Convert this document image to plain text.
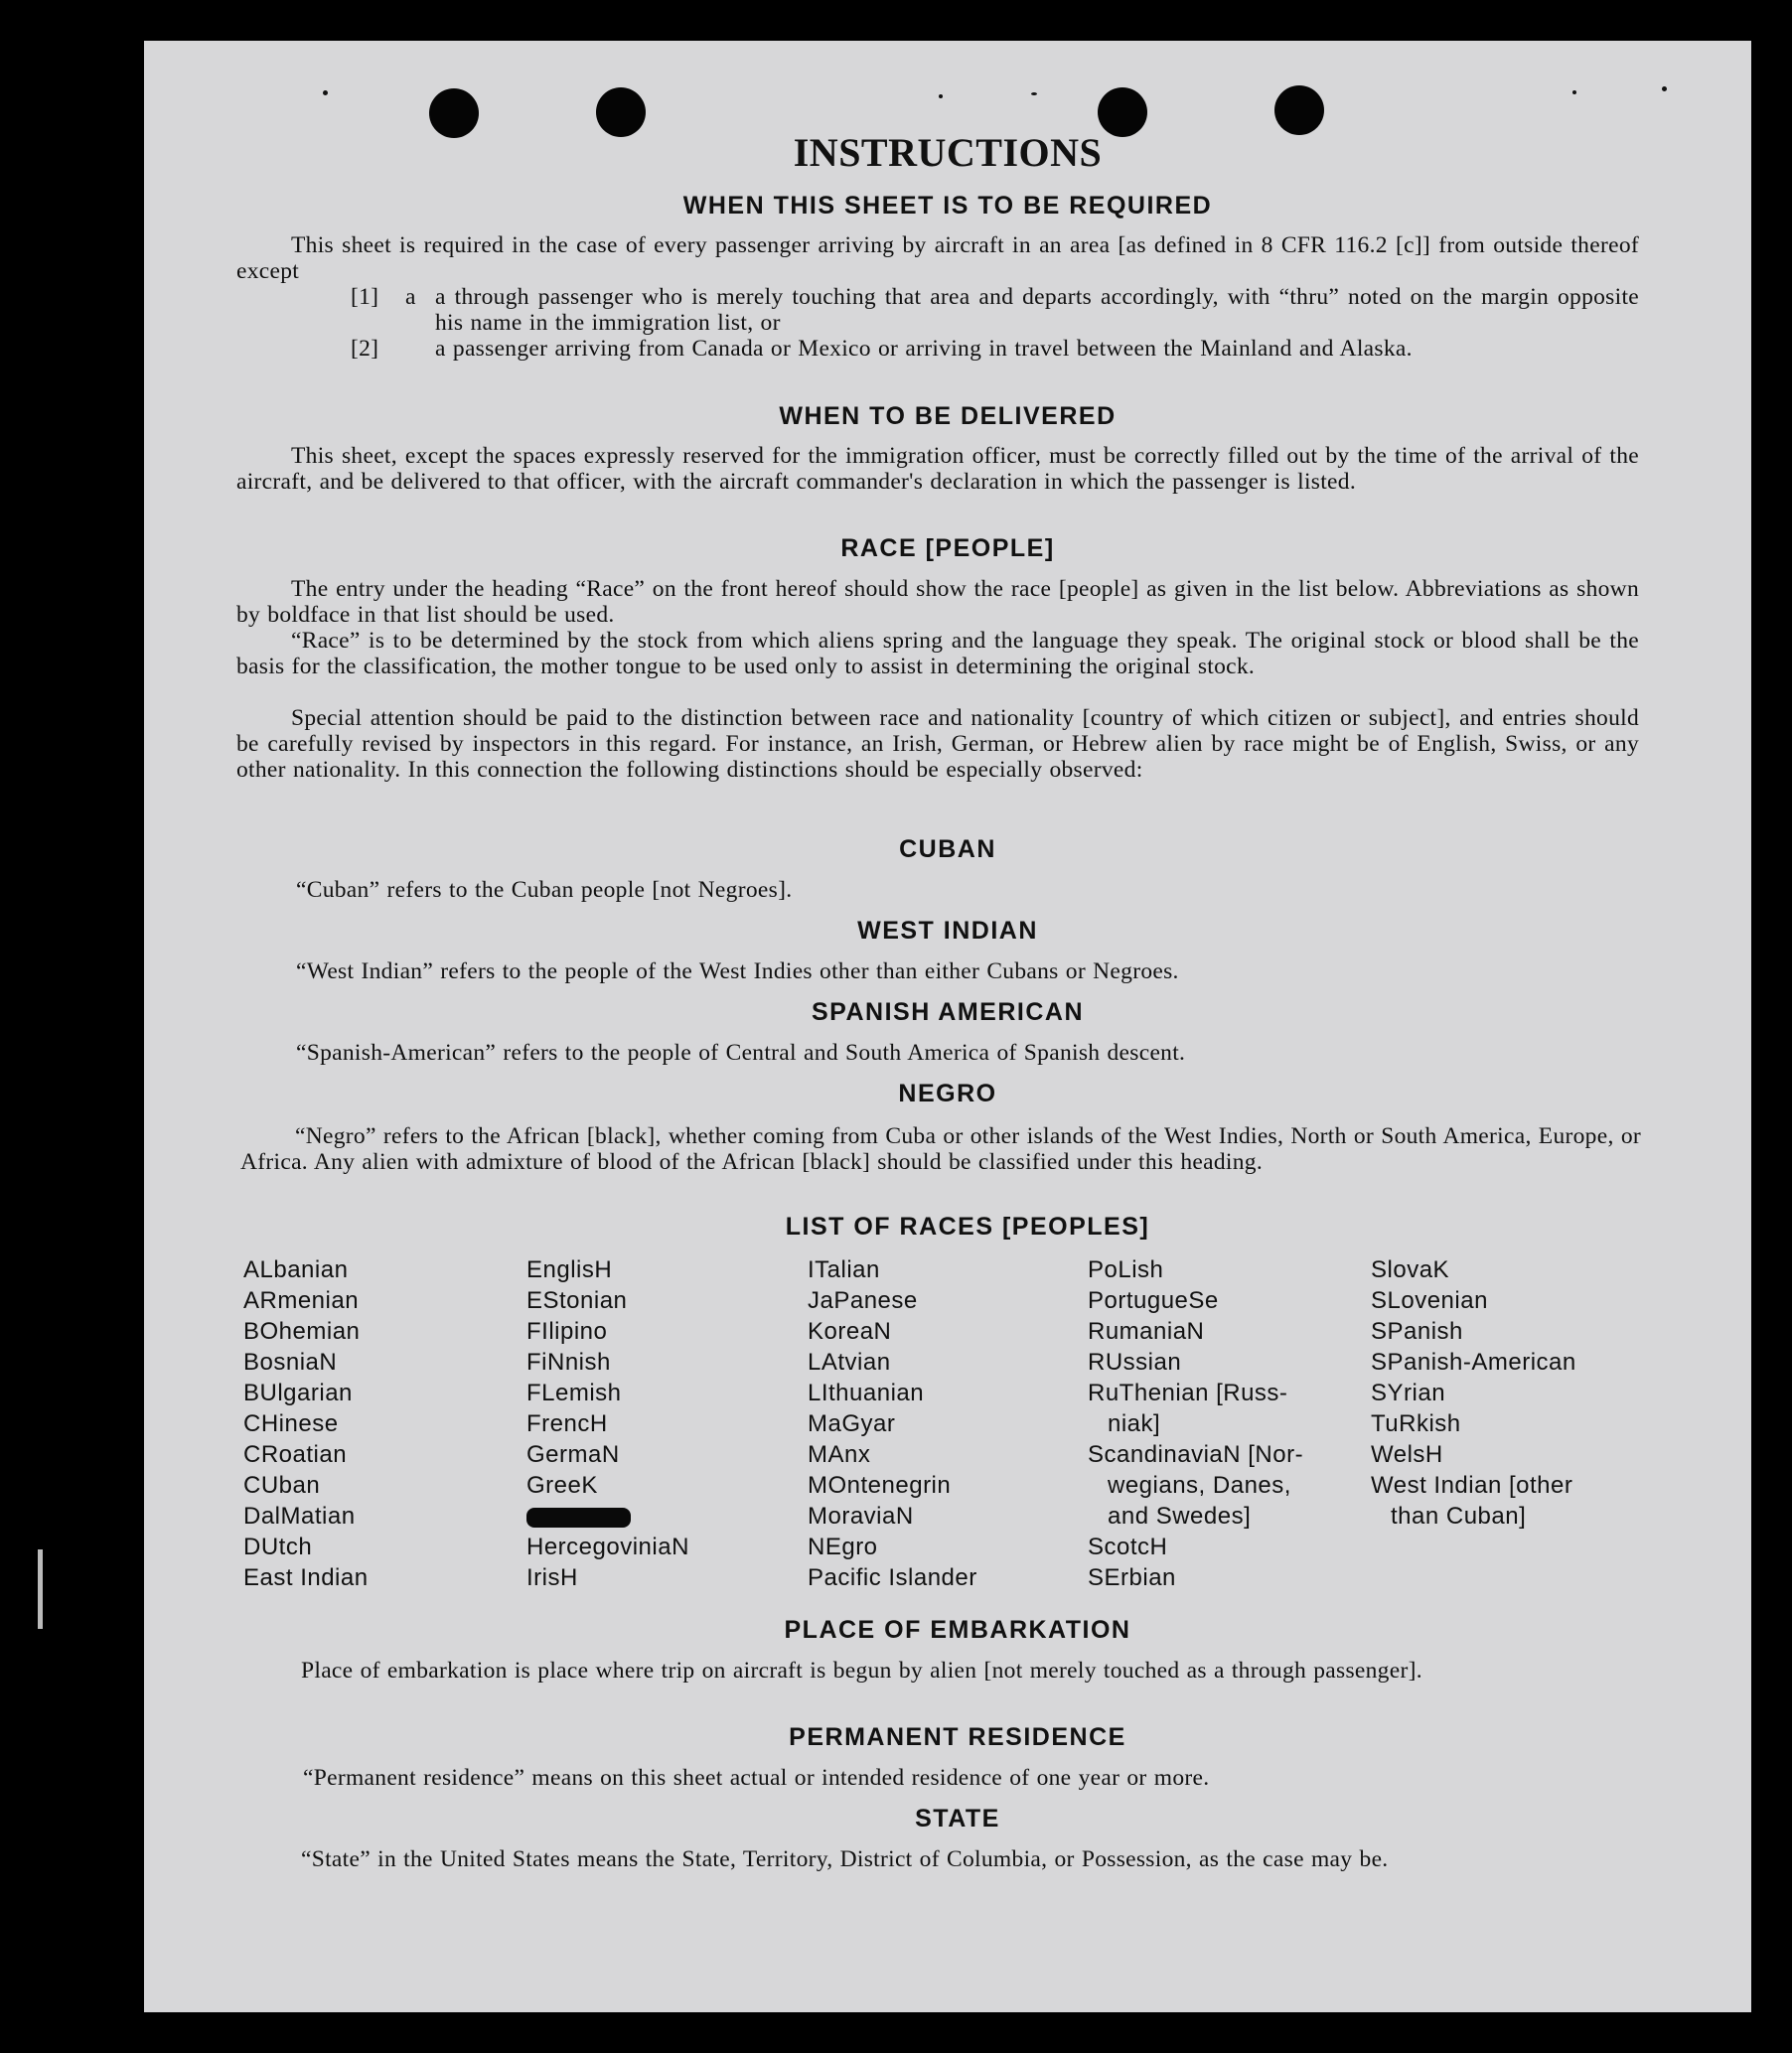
INSTRUCTIONS
WHEN THIS SHEET IS TO BE REQUIRED
This sheet is required in the case of every passenger arriving by aircraft in an area [as defined in 8 CFR 116.2 [c]] from outside thereof except
[1] a a through passenger who is merely touching that area and departs accordingly, with “thru” noted on the margin opposite his name in the immigration list, or
[2] a passenger arriving from Canada or Mexico or arriving in travel between the Mainland and Alaska.
WHEN TO BE DELIVERED
This sheet, except the spaces expressly reserved for the immigration officer, must be correctly filled out by the time of the arrival of the aircraft, and be delivered to that officer, with the aircraft commander's declaration in which the passenger is listed.
RACE [PEOPLE]
The entry under the heading “Race” on the front hereof should show the race [people] as given in the list below. Abbreviations as shown by boldface in that list should be used.
“Race” is to be determined by the stock from which aliens spring and the language they speak. The original stock or blood shall be the basis for the classification, the mother tongue to be used only to assist in determining the original stock.
Special attention should be paid to the distinction between race and nationality [country of which citizen or subject], and entries should be carefully revised by inspectors in this regard. For instance, an Irish, German, or Hebrew alien by race might be of English, Swiss, or any other nationality. In this connection the following distinctions should be especially observed:
CUBAN
“Cuban” refers to the Cuban people [not Negroes].
WEST INDIAN
“West Indian” refers to the people of the West Indies other than either Cubans or Negroes.
SPANISH AMERICAN
“Spanish-American” refers to the people of Central and South America of Spanish descent.
NEGRO
“Negro” refers to the African [black], whether coming from Cuba or other islands of the West Indies, North or South America, Europe, or Africa. Any alien with admixture of blood of the African [black] should be classified under this heading.
LIST OF RACES [PEOPLES]
ALbanian
ARmenian
BOhemian
BosniaN
BUlgarian
CHinese
CRoatian
CUban
DalMatian
DUtch
East Indian
EnglisH
EStonian
FIlipino
FiNnish
FLemish
FrencH
GermaN
GreeK
HercegoviniaN
IrisH
ITalian
JaPanese
KoreaN
LAtvian
LIthuanian
MaGyar
MAnx
MOntenegrin
MoraviaN
NEgro
Pacific Islander
PoLish
PortugueSe
RumaniaN
RUssian
RuThenian [Russ-
niak]
ScandinaviaN [Nor-
wegians, Danes,
and Swedes]
ScotcH
SErbian
SlovaK
SLovenian
SPanish
SPanish-American
SYrian
TuRkish
WelsH
West Indian [other
than Cuban]
PLACE OF EMBARKATION
Place of embarkation is place where trip on aircraft is begun by alien [not merely touched as a through passenger].
PERMANENT RESIDENCE
“Permanent residence” means on this sheet actual or intended residence of one year or more.
STATE
“State” in the United States means the State, Territory, District of Columbia, or Possession, as the case may be.
